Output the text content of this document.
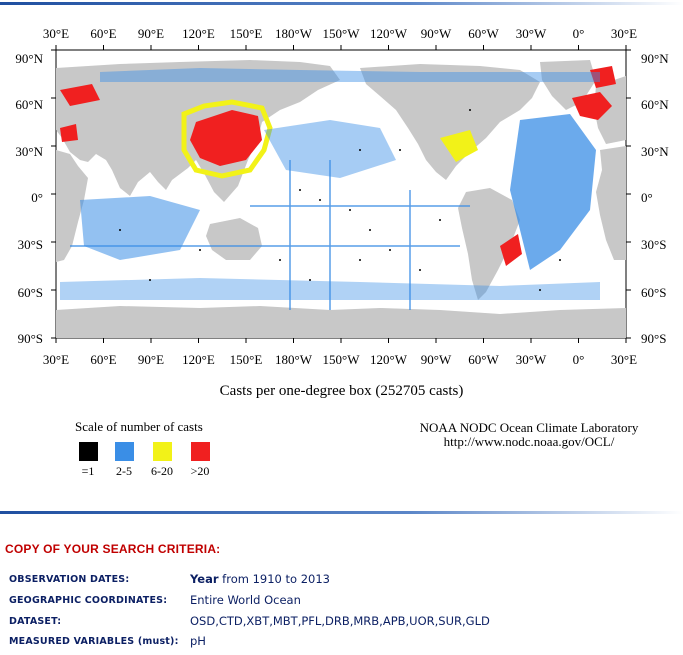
30°E 60°E 90°E 120°E 150°E 180°W 150°W 120°W 90°W 60°W 30°W 0° 30°E
30°E 60°E 90°E 120°E 150°E 180°W 150°W 120°W 90°W 60°W 30°W 0° 30°E
90°N
60°N
30°N
0°
30°S
60°S
90°S
90°N
60°N
30°N
0°
30°S
60°S
90°S
Casts per one-degree box (252705 casts)
Scale of number of casts
=1	2-5	6-20	>20
NOAA NODC Ocean Climate Laboratory
http://www.nodc.noaa.gov/OCL/
COPY OF YOUR SEARCH CRITERIA:
OBSERVATION DATES:	Year from 1910 to 2013
GEOGRAPHIC COORDINATES: Entire World Ocean
DATASET:	OSD,CTD,XBT,MBT,PFL,DRB,MRB,APB,UOR,SUR,GLD
MEASURED VARIABLES (must): pH
